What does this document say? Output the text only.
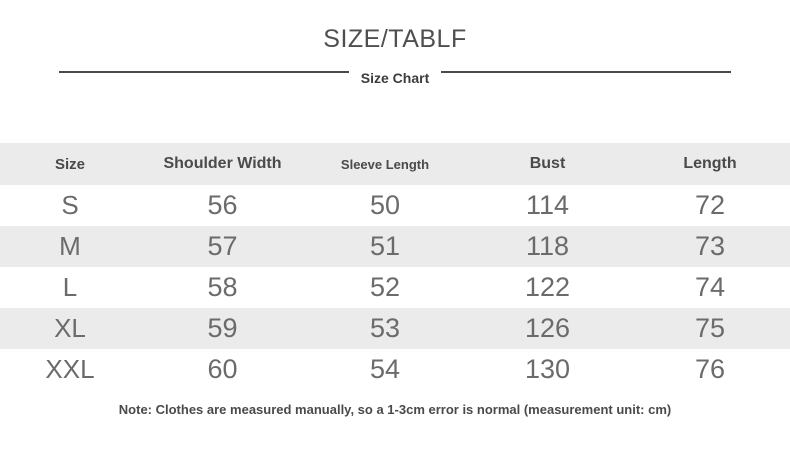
SIZE/TABLF
Size Chart
Size	Shoulder Width	Sleeve Length	Bust	Length
S	56	50	114	72
M	57	51	118	73
L	58	52	122	74
XL	59	53	126	75
XXL	60	54	130	76
Note: Clothes are measured manually, so a 1-3cm error is normal (measurement unit: cm)
